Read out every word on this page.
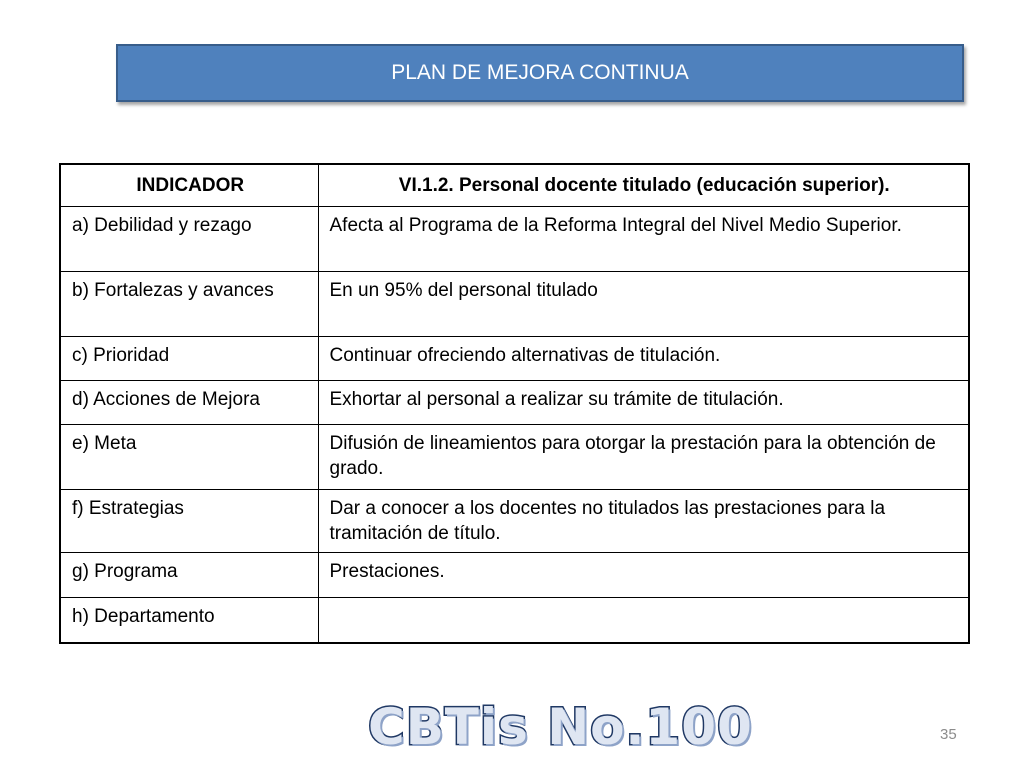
PLAN DE MEJORA CONTINUA
INDICADOR	VI.1.2. Personal docente titulado (educación superior).
a) Debilidad y rezago	Afecta al Programa de la Reforma Integral del Nivel Medio Superior.
b) Fortalezas y avances	En un 95% del personal titulado
c) Prioridad	Continuar ofreciendo alternativas de titulación.
d) Acciones de Mejora	Exhortar al personal a realizar su trámite de titulación.
e) Meta	Difusión de lineamientos para otorgar la prestación para la obtención de grado.
f) Estrategias	Dar a conocer a los docentes no titulados las prestaciones para la tramitación de título.
g) Programa	Prestaciones.
h) Departamento	
CBTis No.100	35
